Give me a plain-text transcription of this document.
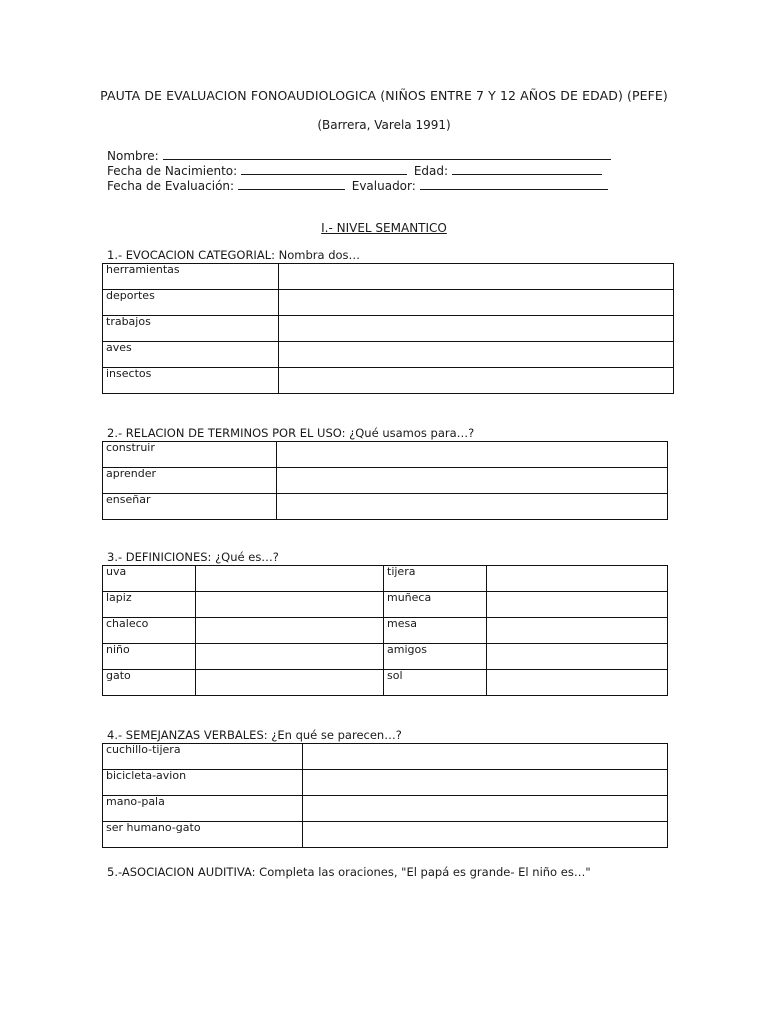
PAUTA DE EVALUACION FONOAUDIOLOGICA (NIÑOS ENTRE 7 Y 12 AÑOS DE EDAD) (PEFE)
(Barrera, Varela 1991)
Nombre:
Fecha de Nacimiento:	Edad:
Fecha de Evaluación:	Evaluador:
I.- NIVEL SEMANTICO
1.- EVOCACION CATEGORIAL: Nombra dos…
herramientas	
deportes	
trabajos	
aves	
insectos	
2.- RELACION DE TERMINOS POR EL USO: ¿Qué usamos para…?
construir	
aprender	
enseñar	
3.- DEFINICIONES: ¿Qué es…?
uva		tijera	
lapiz		muñeca	
chaleco		mesa	
niño		amigos	
gato		sol	
4.- SEMEJANZAS VERBALES: ¿En qué se parecen…?
cuchillo-tijera	
bicicleta-avion	
mano-pala	
ser humano-gato	
5.-ASOCIACION AUDITIVA: Completa las oraciones, "El papá es grande- El niño es…"
